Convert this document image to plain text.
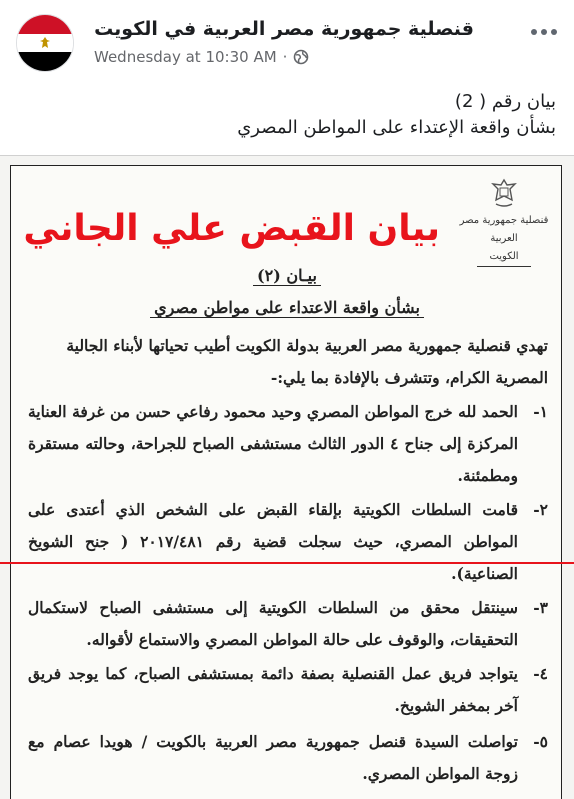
قنصلية جمهورية مصر العربية في الكويت
Wednesday at 10:30 AM ·
بيان رقم ( 2)
بشأن واقعة الإعتداء على المواطن المصري
قنصلية جمهورية مصر العربية
الكويت
بيان القبض علي الجاني
بيـان (٢)
بشأن واقعة الاعتداء على مواطن مصري
تهدي قنصلية جمهورية مصر العربية بدولة الكويت أطيب تحياتها لأبناء الجالية المصرية الكرام، وتتشرف بالإفادة بما يلي:-
١-
الحمد لله خرج المواطن المصري وحيد محمود رفاعي حسن من غرفة العناية المركزة إلى جناح ٤ الدور الثالث مستشفى الصباح للجراحة، وحالته مستقرة ومطمئنة.
٢-
قامت السلطات الكويتية بإلقاء القبض على الشخص الذي أعتدى على المواطن المصري، حيث سجلت قضية رقم ٢٠١٧/٤٨١ ( جنح الشويخ الصناعية).
٣-
سينتقل محقق من السلطات الكويتية إلى مستشفى الصباح لاستكمال التحقيقات، والوقوف على حالة المواطن المصري والاستماع لأقواله.
٤-
يتواجد فريق عمل القنصلية بصفة دائمة بمستشفى الصباح، كما يوجد فريق آخر بمخفر الشويخ.
٥-
تواصلت السيدة قنصل جمهورية مصر العربية بالكويت / هويدا عصام مع زوجة المواطن المصري.
